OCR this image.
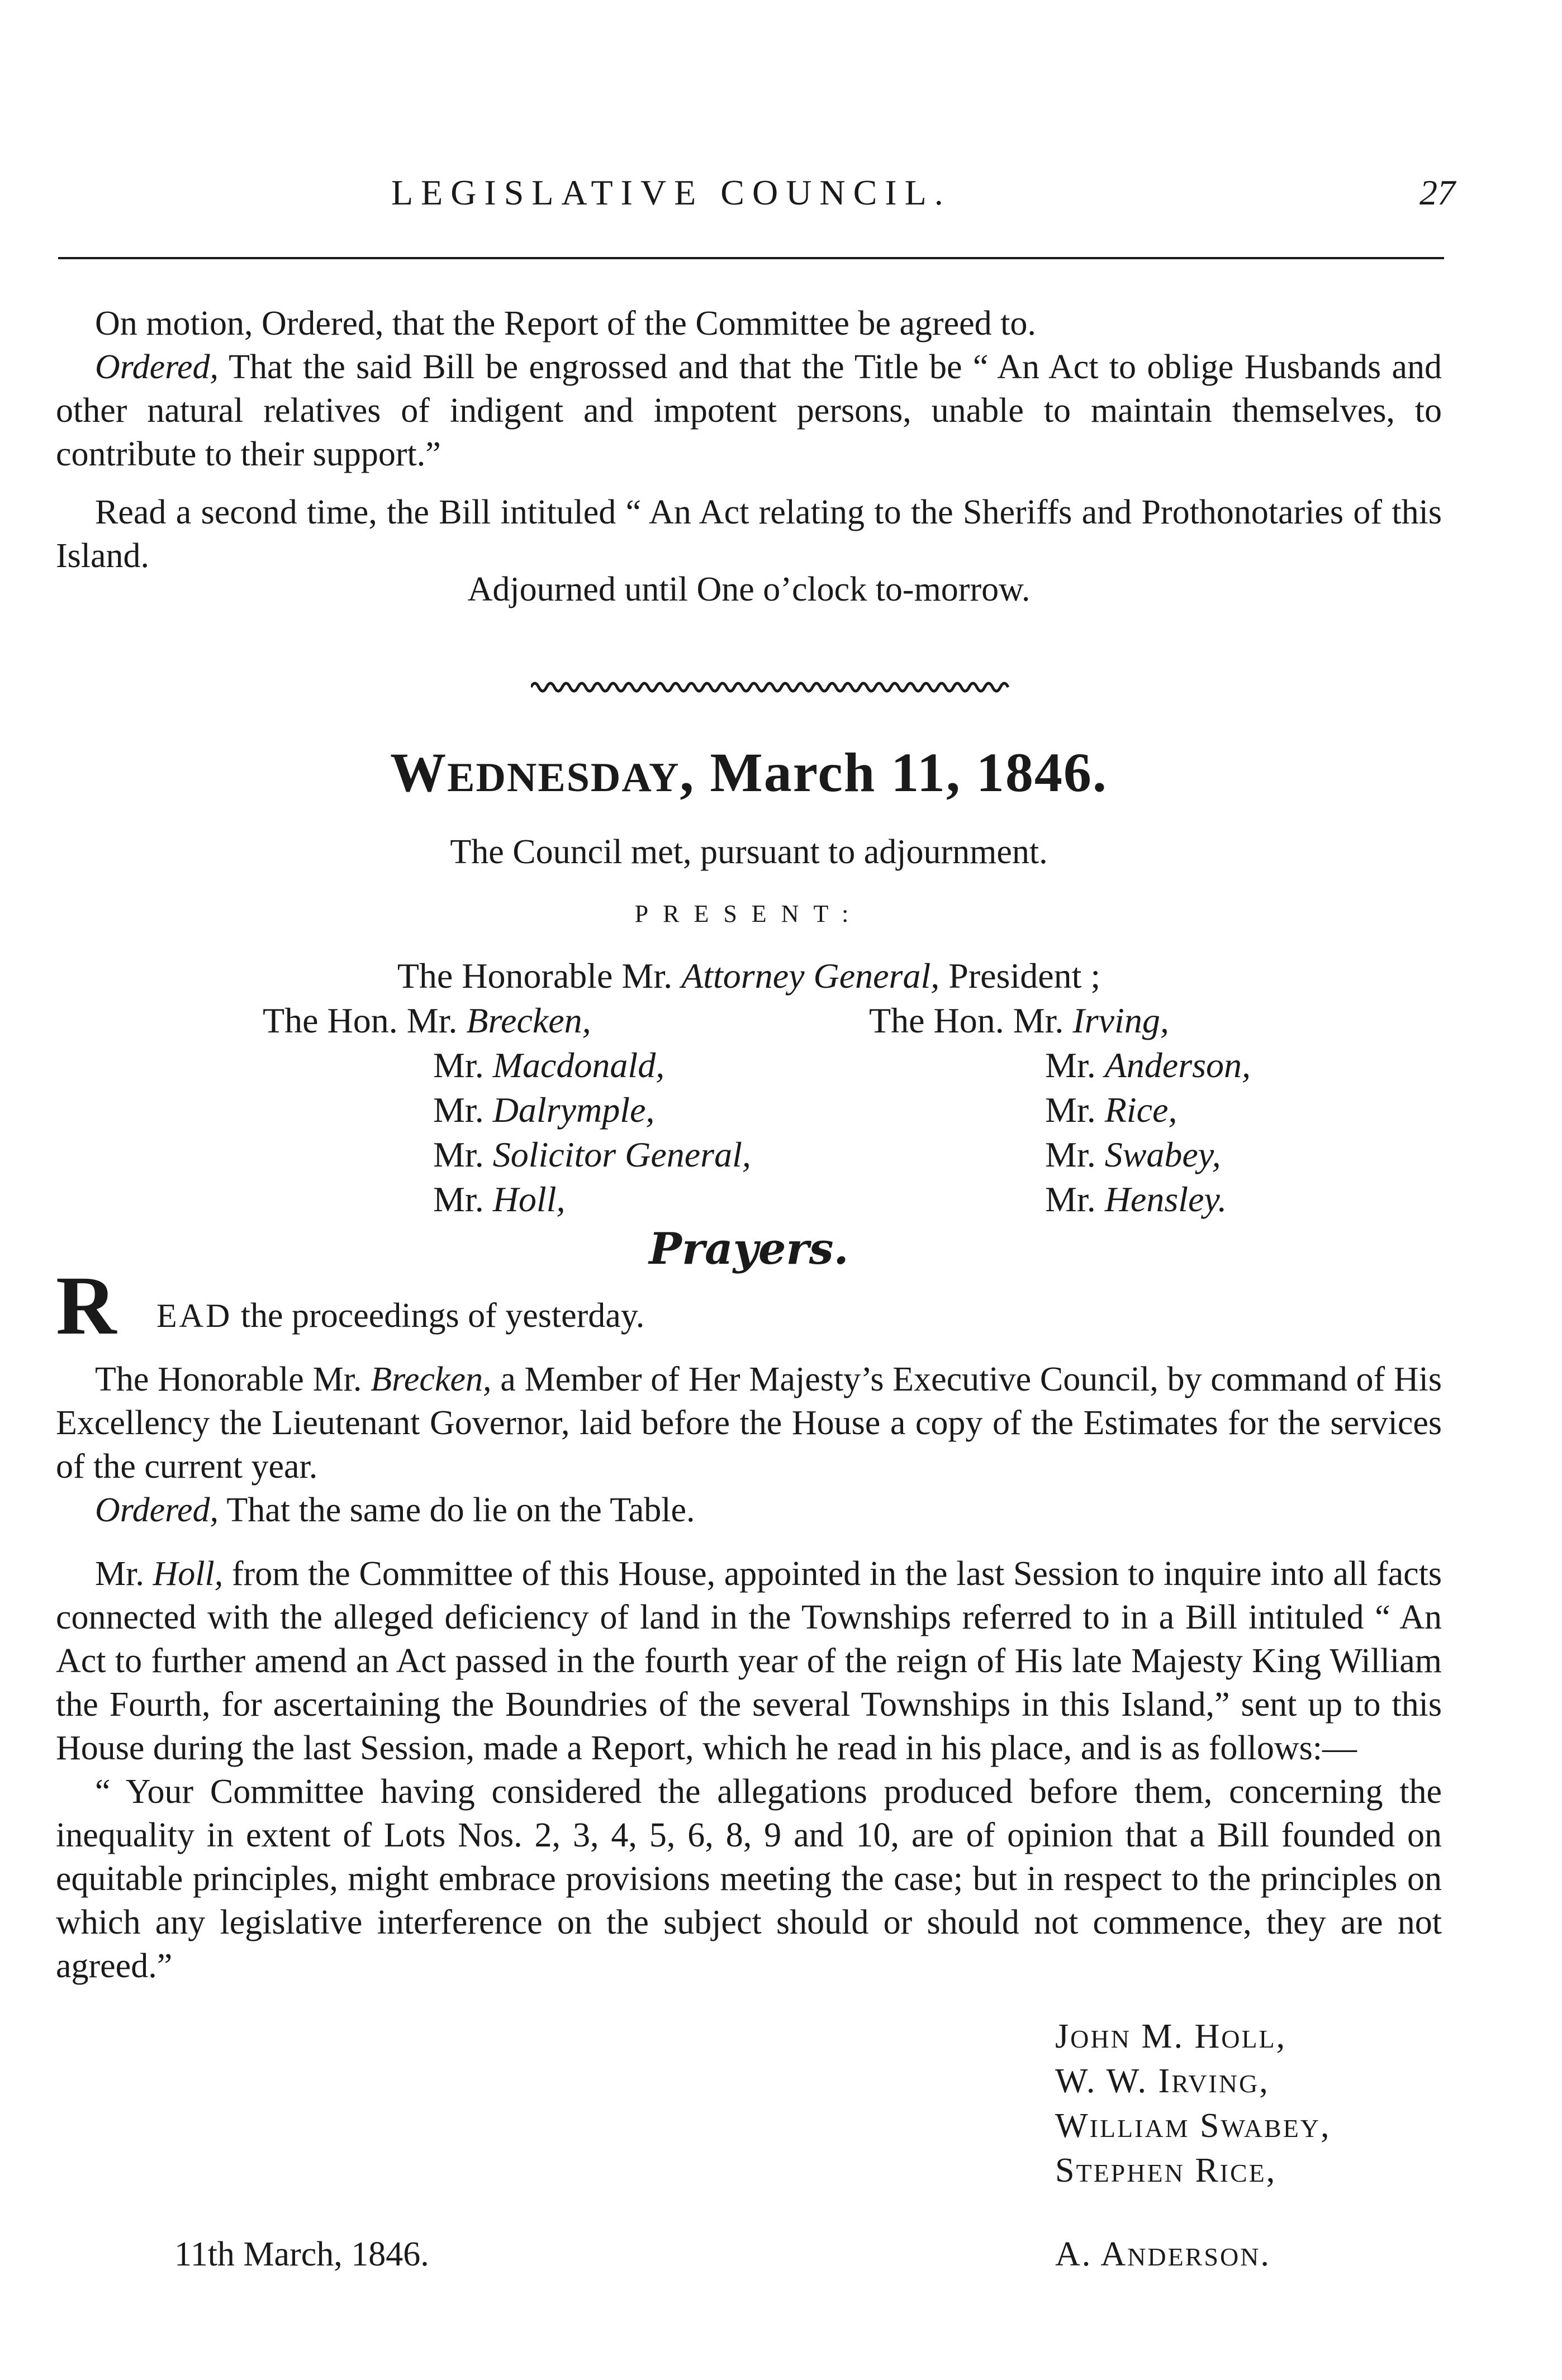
LEGISLATIVE COUNCIL.	27

On motion, Ordered, that the Report of the Committee be agreed to.

Ordered, That the said Bill be engrossed and that the Title be “ An Act to oblige Husbands and other natural relatives of indigent and impotent persons, unable to maintain themselves, to contribute to their support.”

Read a second time, the Bill intituled “ An Act relating to the Sheriffs and Prothonotaries of this Island.

Adjourned until One o’clock to-morrow.
WEDNESDAY, March 11, 1846.
The Council met, pursuant to adjournment.
PRESENT:
The Honorable Mr. Attorney General, President ;
The Hon. Mr. Brecken,
Mr. Macdonald,
Mr. Dalrymple,
Mr. Solicitor General,
Mr. Holl,
The Hon. Mr. Irving,
Mr. Anderson,
Mr. Rice,
Mr. Swabey,
Mr. Hensley.
Prayers.
R EAD the proceedings of yesterday.

The Honorable Mr. Brecken, a Member of Her Majesty’s Executive Council, by command of His Excellency the Lieutenant Governor, laid before the House a copy of the Estimates for the services of the current year.

Ordered, That the same do lie on the Table.

Mr. Holl, from the Committee of this House, appointed in the last Session to inquire into all facts connected with the alleged deficiency of land in the Townships referred to in a Bill intituled “ An Act to further amend an Act passed in the fourth year of the reign of His late Majesty King William the Fourth, for ascertaining the Boundries of the several Townships in this Island,” sent up to this House during the last Session, made a Report, which he read in his place, and is as follows:—

“ Your Committee having considered the allegations produced before them, concerning the inequality in extent of Lots Nos. 2, 3, 4, 5, 6, 8, 9 and 10, are of opinion that a Bill founded on equitable principles, might embrace provisions meeting the case; but in respect to the principles on which any legislative interference on the subject should or should not commence, they are not agreed.”

JOHN M. HOLL,
W. W. IRVING,
WILLIAM SWABEY,
STEPHEN RICE,
A. ANDERSON.
11th March, 1846.
